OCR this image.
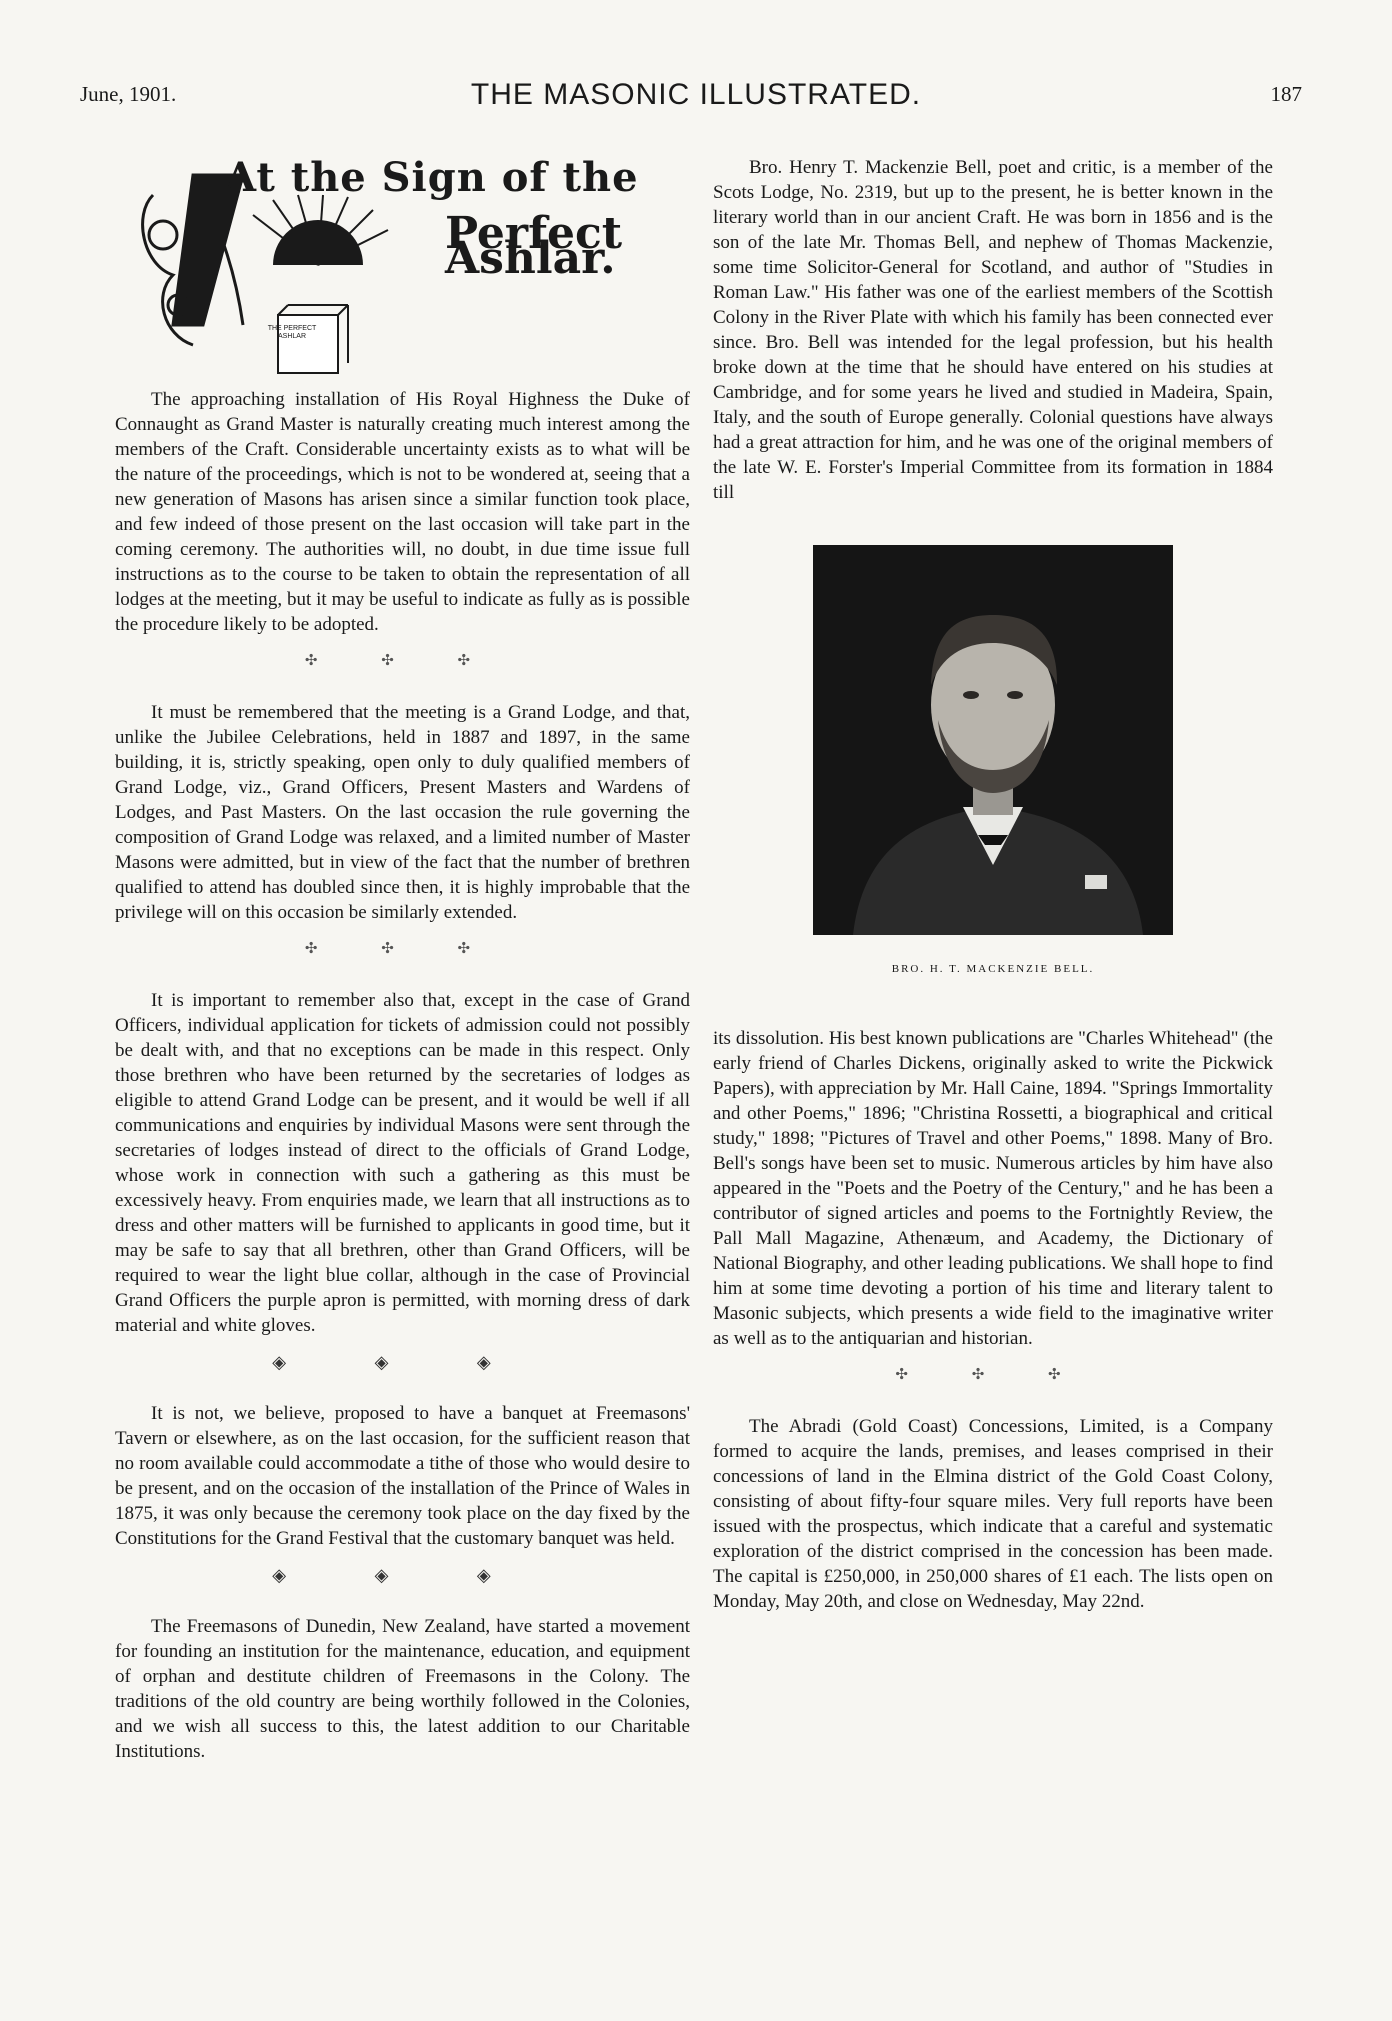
June, 1901.	THE MASONIC ILLUSTRATED.	187
At the Sign of the
Perfect Ashlar.
THE PERFECT ASHLAR

The approaching installation of His Royal Highness the Duke of Connaught as Grand Master is naturally creating much interest among the members of the Craft. Considerable uncertainty exists as to what will be the nature of the proceedings, which is not to be wondered at, seeing that a new generation of Masons has arisen since a similar function took place, and few indeed of those present on the last occasion will take part in the coming ceremony. The authorities will, no doubt, in due time issue full instructions as to the course to be taken to obtain the representation of all lodges at the meeting, but it may be useful to indicate as fully as is possible the procedure likely to be adopted.

✣ ✣ ✣

It must be remembered that the meeting is a Grand Lodge, and that, unlike the Jubilee Celebrations, held in 1887 and 1897, in the same building, it is, strictly speaking, open only to duly qualified members of Grand Lodge, viz., Grand Officers, Present Masters and Wardens of Lodges, and Past Masters. On the last occasion the rule governing the composition of Grand Lodge was relaxed, and a limited number of Master Masons were admitted, but in view of the fact that the number of brethren qualified to attend has doubled since then, it is highly improbable that the privilege will on this occasion be similarly extended.

✣ ✣ ✣

It is important to remember also that, except in the case of Grand Officers, individual application for tickets of admission could not possibly be dealt with, and that no exceptions can be made in this respect. Only those brethren who have been returned by the secretaries of lodges as eligible to attend Grand Lodge can be present, and it would be well if all communications and enquiries by individual Masons were sent through the secretaries of lodges instead of direct to the officials of Grand Lodge, whose work in connection with such a gathering as this must be excessively heavy. From enquiries made, we learn that all instructions as to dress and other matters will be furnished to applicants in good time, but it may be safe to say that all brethren, other than Grand Officers, will be required to wear the light blue collar, although in the case of Provincial Grand Officers the purple apron is permitted, with morning dress of dark material and white gloves.

◈ ◈ ◈

It is not, we believe, proposed to have a banquet at Freemasons' Tavern or elsewhere, as on the last occasion, for the sufficient reason that no room available could accommodate a tithe of those who would desire to be present, and on the occasion of the installation of the Prince of Wales in 1875, it was only because the ceremony took place on the day fixed by the Constitutions for the Grand Festival that the customary banquet was held.

◈ ◈ ◈

The Freemasons of Dunedin, New Zealand, have started a movement for founding an institution for the maintenance, education, and equipment of orphan and destitute children of Freemasons in the Colony. The traditions of the old country are being worthily followed in the Colonies, and we wish all success to this, the latest addition to our Charitable Institutions.

Bro. Henry T. Mackenzie Bell, poet and critic, is a member of the Scots Lodge, No. 2319, but up to the present, he is better known in the literary world than in our ancient Craft. He was born in 1856 and is the son of the late Mr. Thomas Bell, and nephew of Thomas Mackenzie, some time Solicitor-General for Scotland, and author of "Studies in Roman Law." His father was one of the earliest members of the Scottish Colony in the River Plate with which his family has been connected ever since. Bro. Bell was intended for the legal profession, but his health broke down at the time that he should have entered on his studies at Cambridge, and for some years he lived and studied in Madeira, Spain, Italy, and the south of Europe generally. Colonial questions have always had a great attraction for him, and he was one of the original members of the late W. E. Forster's Imperial Committee from its formation in 1884 till

BRO. H. T. MACKENZIE BELL.

its dissolution. His best known publications are "Charles Whitehead" (the early friend of Charles Dickens, originally asked to write the Pickwick Papers), with appreciation by Mr. Hall Caine, 1894. "Springs Immortality and other Poems," 1896; "Christina Rossetti, a biographical and critical study," 1898; "Pictures of Travel and other Poems," 1898. Many of Bro. Bell's songs have been set to music. Numerous articles by him have also appeared in the "Poets and the Poetry of the Century," and he has been a contributor of signed articles and poems to the Fortnightly Review, the Pall Mall Magazine, Athenæum, and Academy, the Dictionary of National Biography, and other leading publications. We shall hope to find him at some time devoting a portion of his time and literary talent to Masonic subjects, which presents a wide field to the imaginative writer as well as to the antiquarian and historian.

✣ ✣ ✣

The Abradi (Gold Coast) Concessions, Limited, is a Company formed to acquire the lands, premises, and leases comprised in their concessions of land in the Elmina district of the Gold Coast Colony, consisting of about fifty-four square miles. Very full reports have been issued with the prospectus, which indicate that a careful and systematic exploration of the district comprised in the concession has been made. The capital is £250,000, in 250,000 shares of £1 each. The lists open on Monday, May 20th, and close on Wednesday, May 22nd.
